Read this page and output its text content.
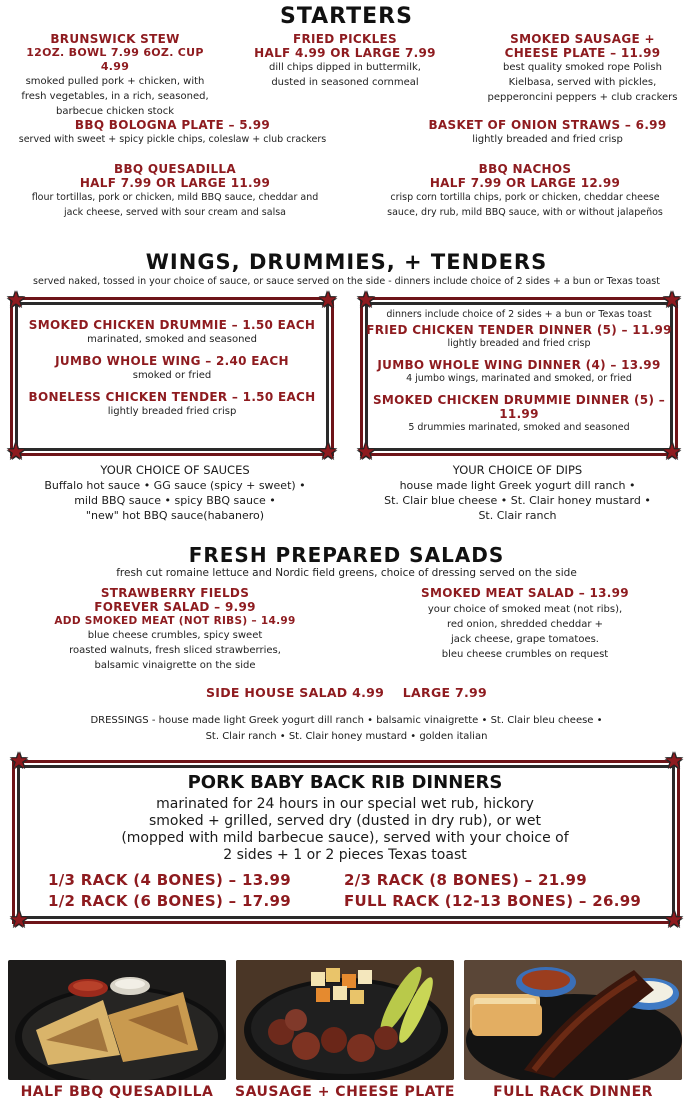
STARTERS
BRUNSWICK STEW
12OZ. BOWL 7.99 6OZ. CUP 4.99
smoked pulled pork + chicken, with
fresh vegetables, in a rich, seasoned,
barbecue chicken stock
FRIED PICKLES
HALF 4.99 OR LARGE 7.99
dill chips dipped in buttermilk,
dusted in seasoned cornmeal
SMOKED SAUSAGE +
CHEESE PLATE – 11.99
best quality smoked rope Polish
Kielbasa, served with pickles,
pepperoncini peppers + club crackers
BBQ BOLOGNA PLATE – 5.99
served with sweet + spicy pickle chips, coleslaw + club crackers
BASKET OF ONION STRAWS – 6.99
lightly breaded and fried crisp
BBQ QUESADILLA
HALF 7.99 OR LARGE 11.99
flour tortillas, pork or chicken, mild BBQ sauce, cheddar and
jack cheese, served with sour cream and salsa
BBQ NACHOS
HALF 7.99 OR LARGE 12.99
crisp corn tortilla chips, pork or chicken, cheddar cheese
sauce, dry rub, mild BBQ sauce, with or without jalapeños
WINGS, DRUMMIES, + TENDERS
served naked, tossed in your choice of sauce, or sauce served on the side - dinners include choice of 2 sides + a bun or Texas toast
★	★
★	★
SMOKED CHICKEN DRUMMIE – 1.50 EACH
marinated, smoked and seasoned
JUMBO WHOLE WING – 2.40 EACH
smoked or fried
BONELESS CHICKEN TENDER – 1.50 EACH
lightly breaded fried crisp
★	★
★	★
dinners include choice of 2 sides + a bun or Texas toast
FRIED CHICKEN TENDER DINNER (5) – 11.99
lightly breaded and fried crisp
JUMBO WHOLE WING DINNER (4) – 13.99
4 jumbo wings, marinated and smoked, or fried
SMOKED CHICKEN DRUMMIE DINNER (5) – 11.99
5 drummies marinated, smoked and seasoned
YOUR CHOICE OF SAUCES
Buffalo hot sauce • GG sauce (spicy + sweet) •
mild BBQ sauce • spicy BBQ sauce •
"new" hot BBQ sauce(habanero)
YOUR CHOICE OF DIPS
house made light Greek yogurt dill ranch •
St. Clair blue cheese • St. Clair honey mustard •
St. Clair ranch
FRESH PREPARED SALADS
fresh cut romaine lettuce and Nordic field greens, choice of dressing served on the side
STRAWBERRY FIELDS
FOREVER SALAD – 9.99
ADD SMOKED MEAT (NOT RIBS) – 14.99
blue cheese crumbles, spicy sweet
roasted walnuts, fresh sliced strawberries,
balsamic vinaigrette on the side
SMOKED MEAT SALAD – 13.99
your choice of smoked meat (not ribs),
red onion, shredded cheddar +
jack cheese, grape tomatoes.
bleu cheese crumbles on request
SIDE HOUSE SALAD 4.99    LARGE 7.99
DRESSINGS - house made light Greek yogurt dill ranch • balsamic vinaigrette • St. Clair bleu cheese •
St. Clair ranch • St. Clair honey mustard • golden italian
★	★
★	★
PORK BABY BACK RIB DINNERS
marinated for 24 hours in our special wet rub, hickory
smoked + grilled, served dry (dusted in dry rub), or wet
(mopped with mild barbecue sauce), served with your choice of
2 sides + 1 or 2 pieces Texas toast
1/3 RACK (4 BONES) – 13.99	2/3 RACK (8 BONES) – 21.99
1/2 RACK (6 BONES) – 17.99	FULL RACK (12-13 BONES) – 26.99
HALF BBQ QUESADILLA	SAUSAGE + CHEESE PLATE	FULL RACK DINNER
